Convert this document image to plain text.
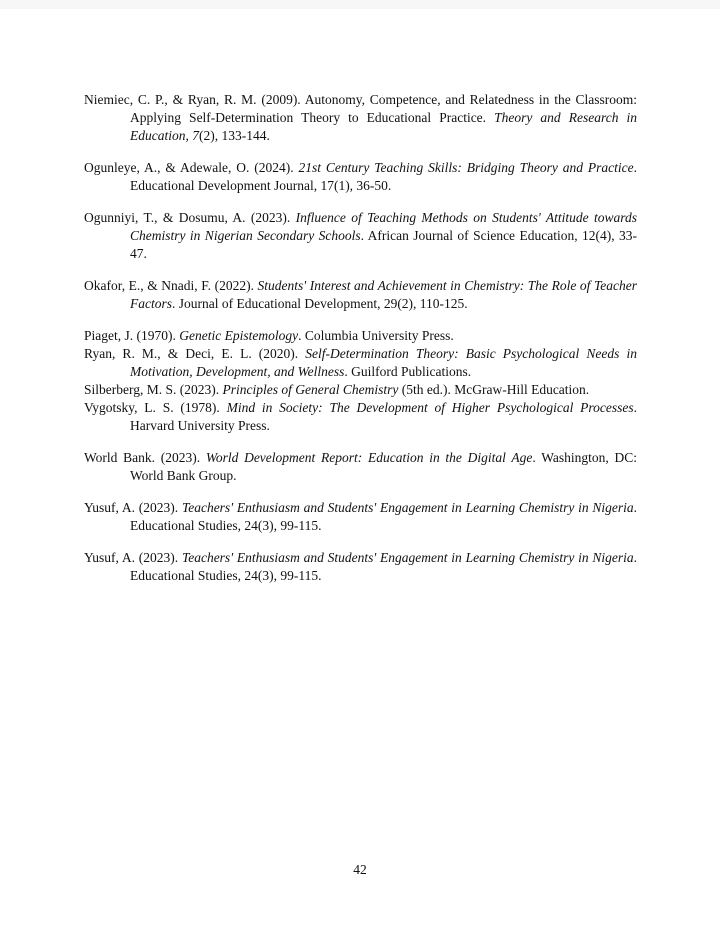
Niemiec, C. P., & Ryan, R. M. (2009). Autonomy, Competence, and Relatedness in the Classroom: Applying Self-Determination Theory to Educational Practice. Theory and Research in Education, 7(2), 133-144.
Ogunleye, A., & Adewale, O. (2024). 21st Century Teaching Skills: Bridging Theory and Practice. Educational Development Journal, 17(1), 36-50.
Ogunniyi, T., & Dosumu, A. (2023). Influence of Teaching Methods on Students' Attitude towards Chemistry in Nigerian Secondary Schools. African Journal of Science Education, 12(4), 33-47.
Okafor, E., & Nnadi, F. (2022). Students' Interest and Achievement in Chemistry: The Role of Teacher Factors. Journal of Educational Development, 29(2), 110-125.
Piaget, J. (1970). Genetic Epistemology. Columbia University Press.
Ryan, R. M., & Deci, E. L. (2020). Self-Determination Theory: Basic Psychological Needs in Motivation, Development, and Wellness. Guilford Publications.
Silberberg, M. S. (2023). Principles of General Chemistry (5th ed.). McGraw-Hill Education.
Vygotsky, L. S. (1978). Mind in Society: The Development of Higher Psychological Processes. Harvard University Press.
World Bank. (2023). World Development Report: Education in the Digital Age. Washington, DC: World Bank Group.
Yusuf, A. (2023). Teachers' Enthusiasm and Students' Engagement in Learning Chemistry in Nigeria. Educational Studies, 24(3), 99-115.
Yusuf, A. (2023). Teachers' Enthusiasm and Students' Engagement in Learning Chemistry in Nigeria. Educational Studies, 24(3), 99-115.
42
